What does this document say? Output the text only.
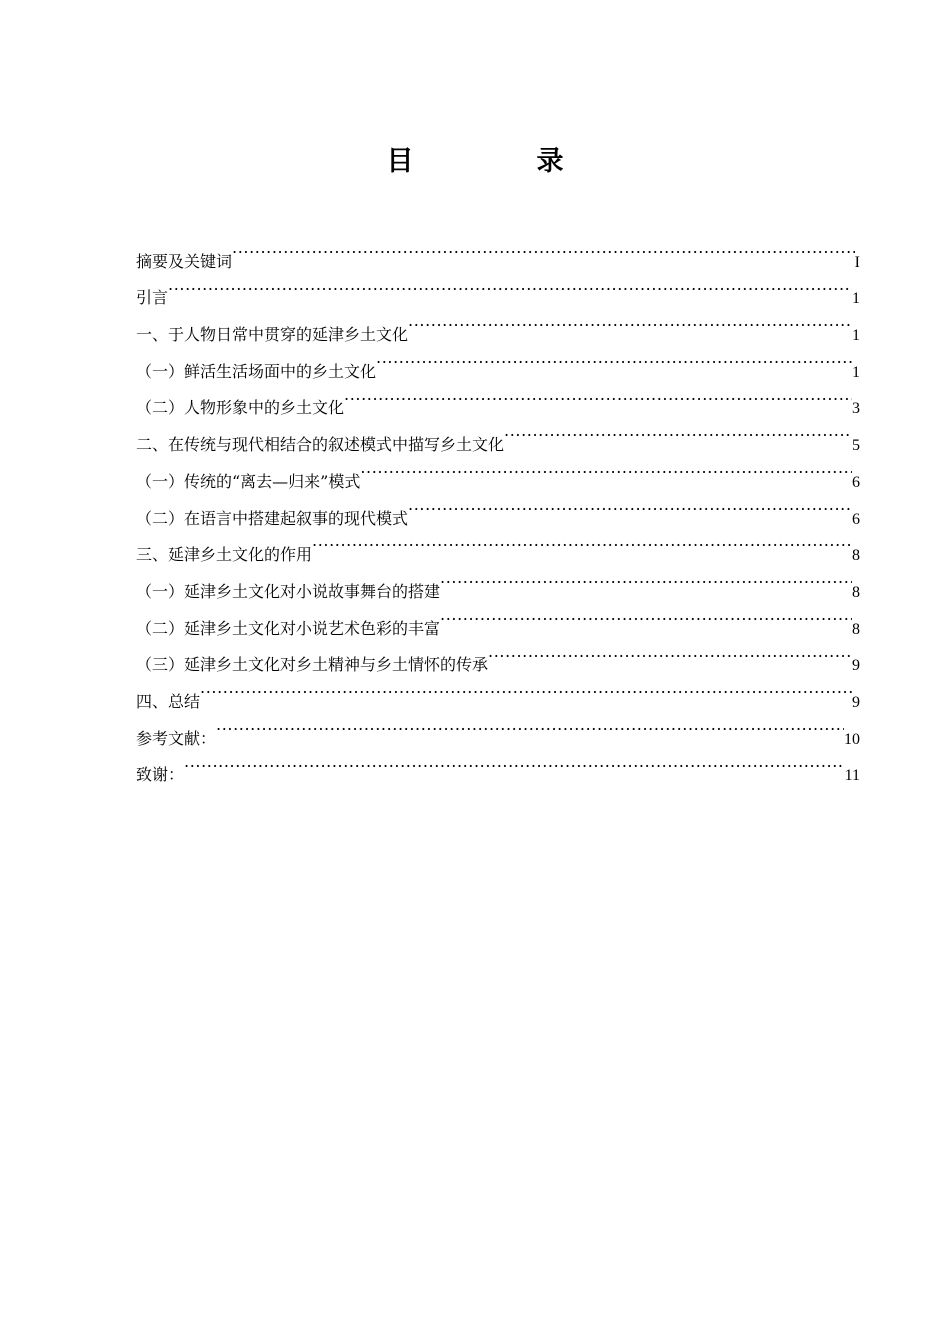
目　录
摘要及关键词 .....	I
引言 .....	1
一、于人物日常中贯穿的延津乡土文化 .....	1
（一）鲜活生活场面中的乡土文化 .....	1
（二）人物形象中的乡土文化 .....	3
二、在传统与现代相结合的叙述模式中描写乡土文化 .....	5
（一）传统的“离去—归来”模式 .....	6
（二）在语言中搭建起叙事的现代模式 .....	6
三、延津乡土文化的作用 .....	8
（一）延津乡土文化对小说故事舞台的搭建 .....	8
（二）延津乡土文化对小说艺术色彩的丰富 .....	8
（三）延津乡土文化对乡土精神与乡土情怀的传承 .....	9
四、总结 .....	9
参考文献： .....	10
致谢： .....	11
